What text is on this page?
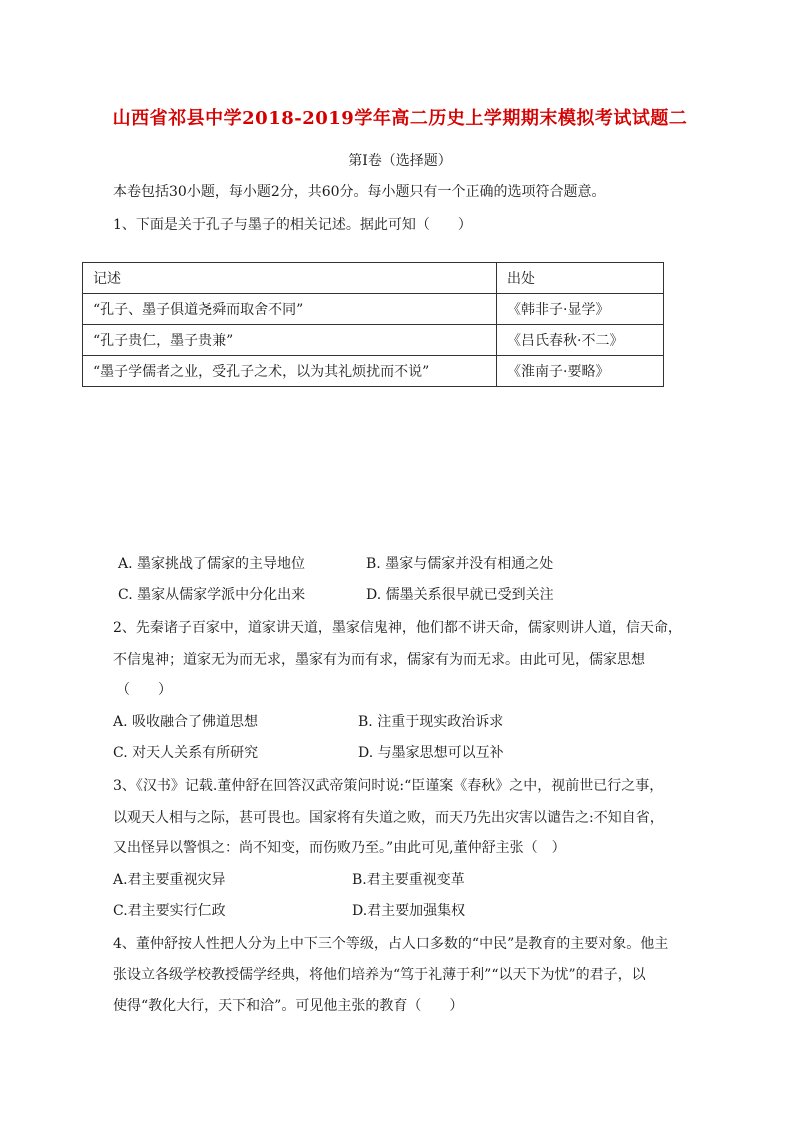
山西省祁县中学2018-2019学年高二历史上学期期末模拟考试试题二
第Ⅰ卷（选择题）
本卷包括30小题，每小题2分，共60分。每小题只有一个正确的选项符合题意。
1、下面是关于孔子与墨子的相关记述。据此可知（　　）
记述	出处
“孔子、墨子俱道尧舜而取舍不同”	《韩非子·显学》
“孔子贵仁，墨子贵兼”	《吕氏春秋·不二》
“墨子学儒者之业，受孔子之术，以为其礼烦扰而不说”	《淮南子·要略》
A. 墨家挑战了儒家的主导地位	B. 墨家与儒家并没有相通之处
C. 墨家从儒家学派中分化出来	D. 儒墨关系很早就已受到关注
2、先秦诸子百家中，道家讲天道，墨家信鬼神，他们都不讲天命，儒家则讲人道，信天命，
不信鬼神；道家无为而无求，墨家有为而有求，儒家有为而无求。由此可见，儒家思想
（　　）
A. 吸收融合了佛道思想	B. 注重于现实政治诉求
C. 对天人关系有所研究	D. 与墨家思想可以互补
3、《汉书》记载.董仲舒在回答汉武帝策问时说:“臣谨案《春秋》之中，视前世已行之事，
以观天人相与之际，甚可畏也。国家将有失道之败，而天乃先出灾害以谴告之:不知自省，
又出怪异以警惧之：尚不知变，而伤败乃至。”由此可见,董仲舒主张（　）
A.君主要重视灾异	B.君主要重视变革
C.君主要实行仁政	D.君主要加强集权
4、董仲舒按人性把人分为上中下三个等级，占人口多数的“中民”是教育的主要对象。他主
张设立各级学校教授儒学经典，将他们培养为“笃于礼薄于利”“以天下为忧”的君子，以
使得“教化大行，天下和洽”。可见他主张的教育（　　）
